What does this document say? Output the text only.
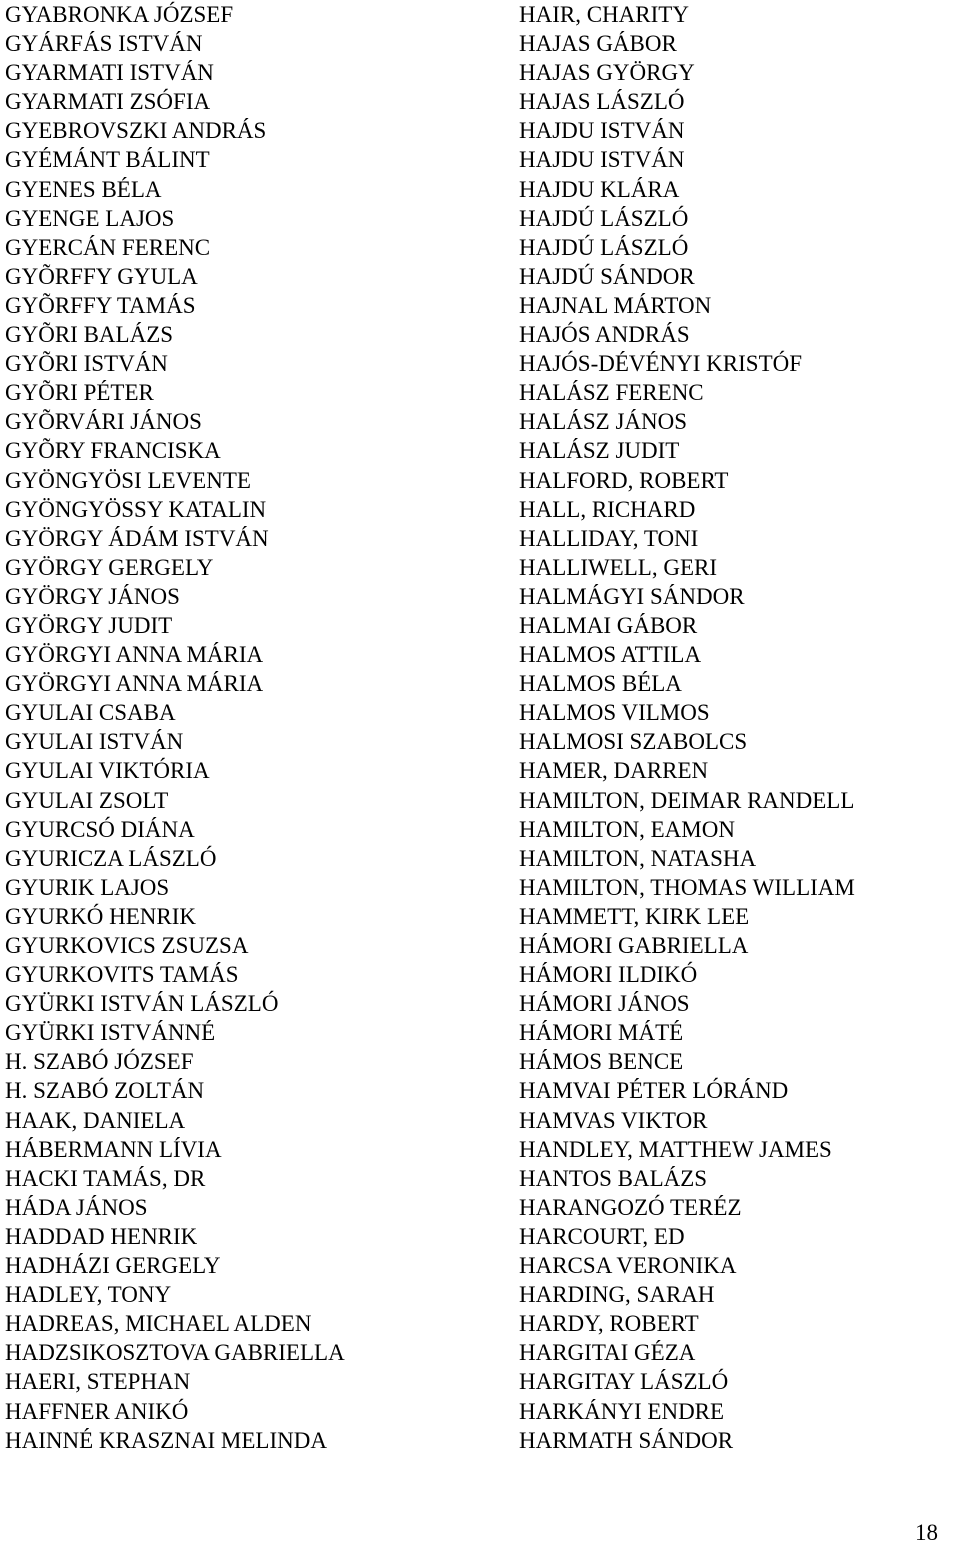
GYABRONKA JÓZSEF
GYÁRFÁS ISTVÁN
GYARMATI ISTVÁN
GYARMATI ZSÓFIA
GYEBROVSZKI ANDRÁS
GYÉMÁNT BÁLINT
GYENES BÉLA
GYENGE LAJOS
GYERCÁN FERENC
GYÕRFFY GYULA
GYÕRFFY TAMÁS
GYÕRI BALÁZS
GYÕRI ISTVÁN
GYÕRI PÉTER
GYÕRVÁRI JÁNOS
GYÕRY FRANCISKA
GYÖNGYÖSI LEVENTE
GYÖNGYÖSSY KATALIN
GYÖRGY ÁDÁM ISTVÁN
GYÖRGY GERGELY
GYÖRGY JÁNOS
GYÖRGY JUDIT
GYÖRGYI ANNA MÁRIA
GYÖRGYI ANNA MÁRIA
GYULAI CSABA
GYULAI ISTVÁN
GYULAI VIKTÓRIA
GYULAI ZSOLT
GYURCSÓ DIÁNA
GYURICZA LÁSZLÓ
GYURIK LAJOS
GYURKÓ HENRIK
GYURKOVICS ZSUZSA
GYURKOVITS TAMÁS
GYÜRKI ISTVÁN LÁSZLÓ
GYÜRKI ISTVÁNNÉ
H. SZABÓ JÓZSEF
H. SZABÓ ZOLTÁN
HAAK, DANIELA
HÁBERMANN LÍVIA
HACKI TAMÁS, DR
HÁDA JÁNOS
HADDAD HENRIK
HADHÁZI GERGELY
HADLEY, TONY
HADREAS, MICHAEL ALDEN
HADZSIKOSZTOVA GABRIELLA
HAERI, STEPHAN
HAFFNER ANIKÓ
HAINNÉ KRASZNAI MELINDA
HAIR, CHARITY
HAJAS GÁBOR
HAJAS GYÖRGY
HAJAS LÁSZLÓ
HAJDU ISTVÁN
HAJDU ISTVÁN
HAJDU KLÁRA
HAJDÚ LÁSZLÓ
HAJDÚ LÁSZLÓ
HAJDÚ SÁNDOR
HAJNAL MÁRTON
HAJÓS ANDRÁS
HAJÓS-DÉVÉNYI KRISTÓF
HALÁSZ FERENC
HALÁSZ JÁNOS
HALÁSZ JUDIT
HALFORD, ROBERT
HALL, RICHARD
HALLIDAY, TONI
HALLIWELL, GERI
HALMÁGYI SÁNDOR
HALMAI GÁBOR
HALMOS ATTILA
HALMOS BÉLA
HALMOS VILMOS
HALMOSI SZABOLCS
HAMER, DARREN
HAMILTON, DEIMAR RANDELL
HAMILTON, EAMON
HAMILTON, NATASHA
HAMILTON, THOMAS WILLIAM
HAMMETT, KIRK LEE
HÁMORI GABRIELLA
HÁMORI ILDIKÓ
HÁMORI JÁNOS
HÁMORI MÁTÉ
HÁMOS BENCE
HAMVAI PÉTER LÓRÁND
HAMVAS VIKTOR
HANDLEY, MATTHEW JAMES
HANTOS BALÁZS
HARANGOZÓ TERÉZ
HARCOURT, ED
HARCSA VERONIKA
HARDING, SARAH
HARDY, ROBERT
HARGITAI GÉZA
HARGITAY LÁSZLÓ
HARKÁNYI ENDRE
HARMATH SÁNDOR
18
